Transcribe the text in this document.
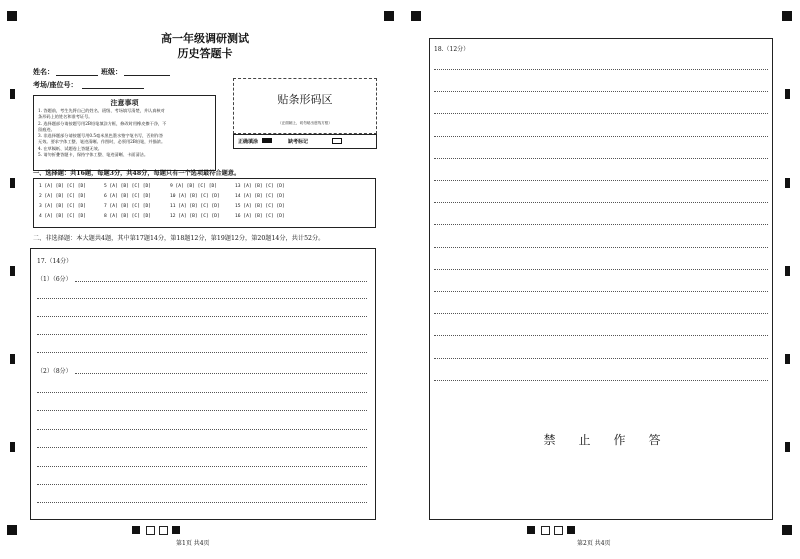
高一年级调研测试
历史答题卡
姓名：	班级：
考场/座位号：
注意事项
1. 答题前，考生先将自己的姓名、班级、考场填写清楚，并认真核对
条形码上的姓名和准考证号。
2. 选择题部分请按题号用2B铅笔填涂方框，修改时用橡皮擦干净，不
留痕迹。
3. 非选择题部分请按题号用0.5毫米黑色墨水签字笔书写，否则作答
无效。要求字体工整、笔迹清晰。作图时，必须用2B铅笔，并描浓。
4. 在草稿纸、试题卷上答题无效。
5. 请勿折叠答题卡，保持字体工整、笔迹清晰、卡面清洁。
贴条形码区
（正面朝上，切勿贴出虚线方框）
正确填涂	缺考标记
一、选择题：共16题，每题3分，共48分，每题只有一个选项最符合题意。
1 [A] [B] [C] [D]	5 [A] [B] [C] [D]	9 [A] [B] [C] [D]	13 [A] [B] [C] [D]
2 [A] [B] [C] [D]	6 [A] [B] [C] [D]	10 [A] [B] [C] [D]	14 [A] [B] [C] [D]
3 [A] [B] [C] [D]	7 [A] [B] [C] [D]	11 [A] [B] [C] [D]	15 [A] [B] [C] [D]
4 [A] [B] [C] [D]	8 [A] [B] [C] [D]	12 [A] [B] [C] [D]	16 [A] [B] [C] [D]
二、非选择题：本大题共4题，其中第17题14分，第18题12分，第19题12分，第20题14分，共计52分。
17.（14分）
（1）（6分）
（2）（8分）
18.（12分）
禁 止 作 答
第1页 共4页	第2页 共4页
